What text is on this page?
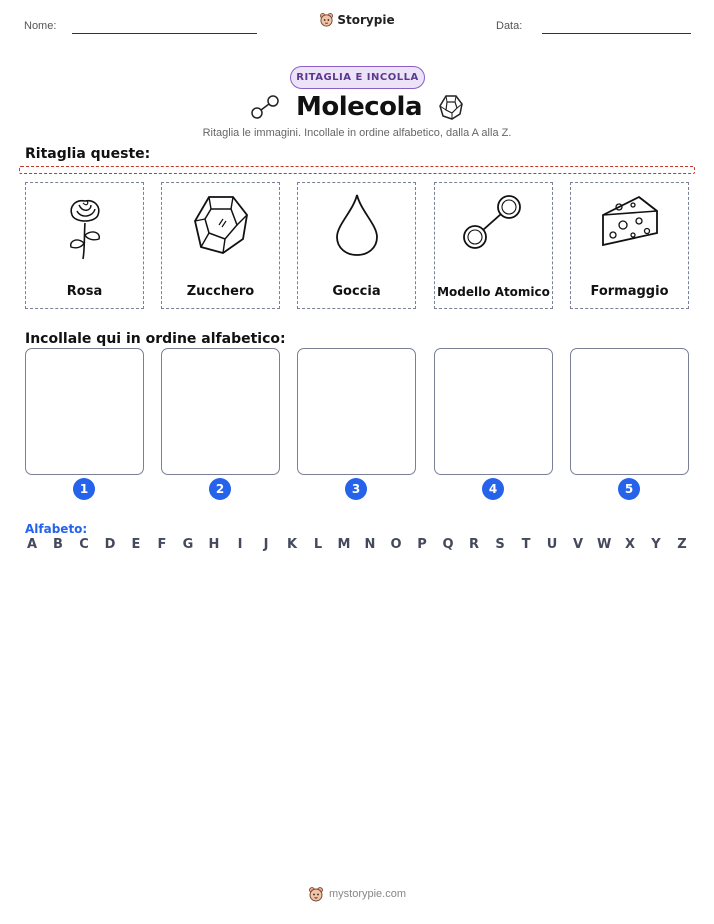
Nome:	Storypie	Data:
RITAGLIA E INCOLLA
Molecola
Ritaglia le immagini. Incollale in ordine alfabetico, dalla A alla Z.
Ritaglia queste:
Rosa	Zucchero	Goccia	Modello Atomico	Formaggio
Incollale qui in ordine alfabetico:
1	2	3	4	5
Alfabeto:
A B C D E F G H	I	J	K L M N O P Q R S T U V W X Y Z
mystorypie.com
